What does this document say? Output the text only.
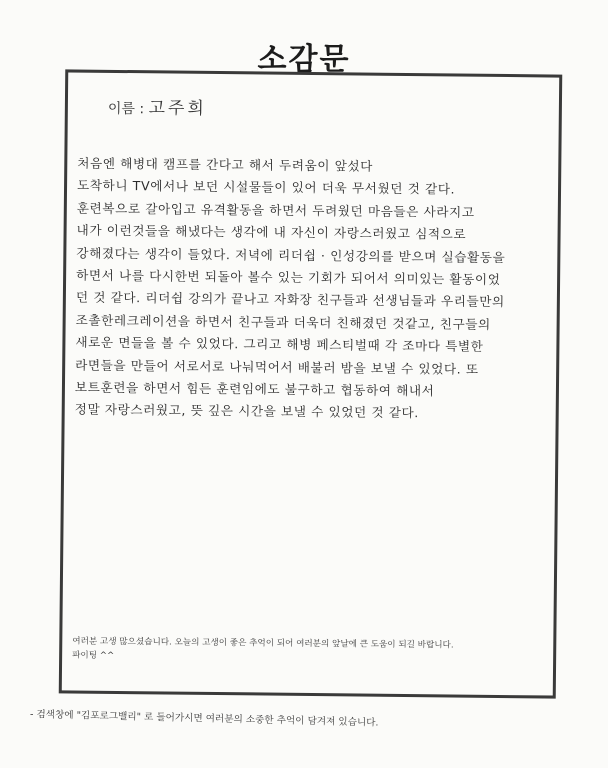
소감문
이름 : 고주희
처음엔 해병대 캠프를 간다고 해서 두려움이 앞섰다
도착하니 TV에서나 보던 시설물들이 있어 더욱 무서웠던 것 같다.
훈련복으로 갈아입고 유격활동을 하면서 두려웠던 마음들은 사라지고
내가 이런것들을 해냈다는 생각에 내 자신이 자랑스러웠고 심적으로
강해졌다는 생각이 들었다. 저녁에 리더쉽 · 인성강의를 받으며 실습활동을
하면서 나를 다시한번 되돌아 볼수 있는 기회가 되어서 의미있는 활동이었
던 것 같다. 리더쉽 강의가 끝나고 자화장 친구들과 선생님들과 우리들만의
조촐한레크레이션을 하면서 친구들과 더욱더 친해졌던 것같고, 친구들의
새로운 면들을 볼 수 있었다. 그리고 해병 페스티벌때 각 조마다 특별한
라면들을 만들어 서로서로 나눠먹어서 배불러 밤을 보낼 수 있었다. 또
보트훈련을 하면서 힘든 훈련임에도 불구하고 협동하여 해내서
정말 자랑스러웠고, 뜻 깊은 시간을 보낼 수 있었던 것 같다.
여러분 고생 많으셨습니다. 오늘의 고생이 좋은 추억이 되어 여러분의 앞날에 큰 도움이 되길 바랍니다.
파이팅 ^^
- 검색창에 "김포로그밸리" 로 들어가시면 여러분의 소중한 추억이 담겨져 있습니다.
